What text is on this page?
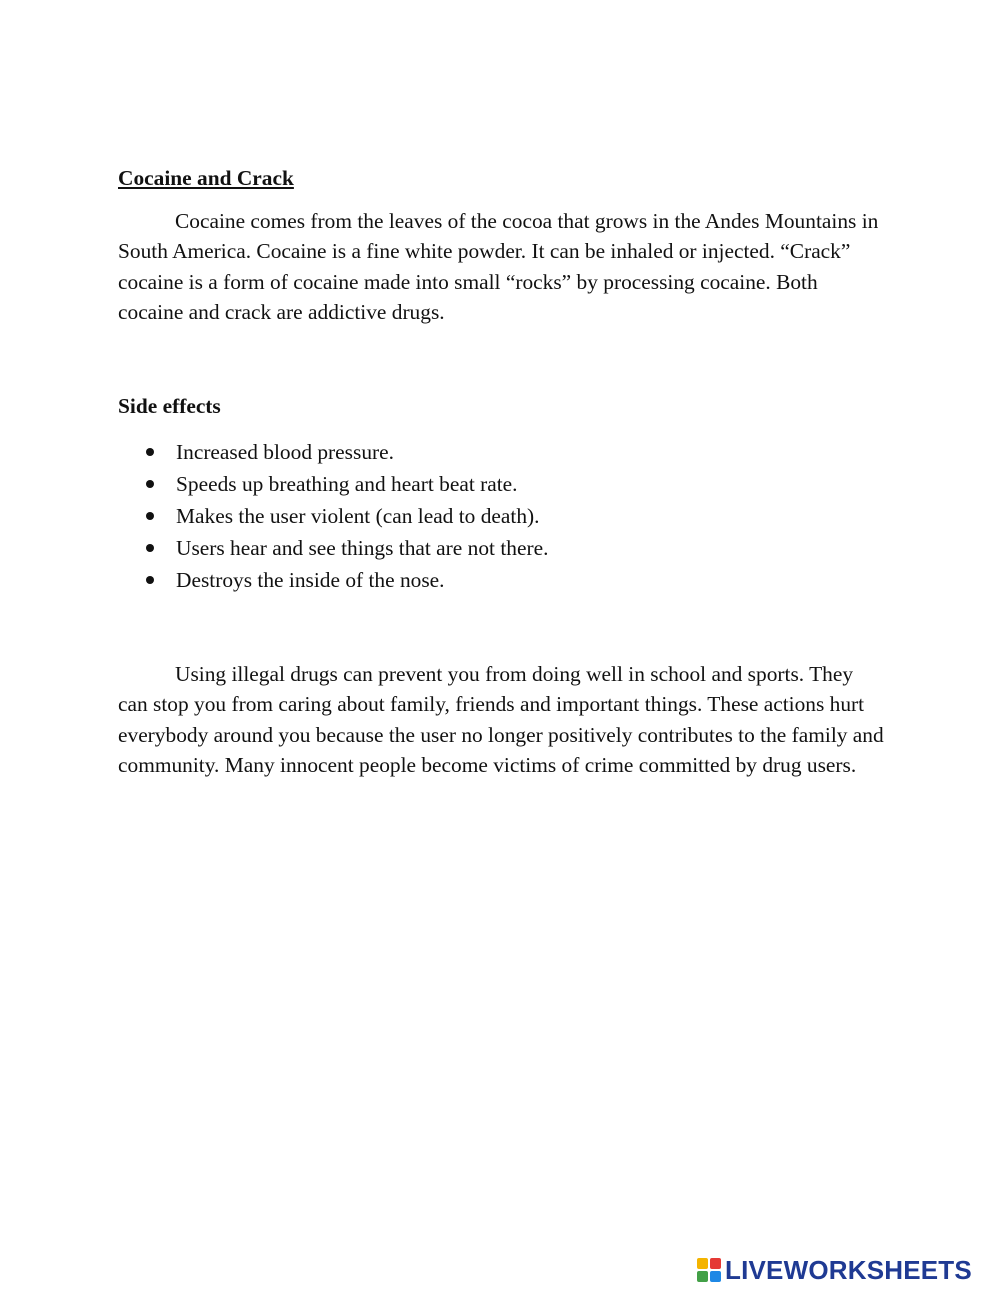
Cocaine and Crack

Cocaine comes from the leaves of the cocoa that grows in the Andes Mountains in South America. Cocaine is a fine white powder. It can be inhaled or injected. “Crack” cocaine is a form of cocaine made into small “rocks” by processing cocaine. Both cocaine and crack are addictive drugs.

Side effects
Increased blood pressure.
Speeds up breathing and heart beat rate.
Makes the user violent (can lead to death).
Users hear and see things that are not there.
Destroys the inside of the nose.

Using illegal drugs can prevent you from doing well in school and sports. They can stop you from caring about family, friends and important things. These actions hurt everybody around you because the user no longer positively contributes to the family and community. Many innocent people become victims of crime committed by drug users.

LIVEWORKSHEETS
